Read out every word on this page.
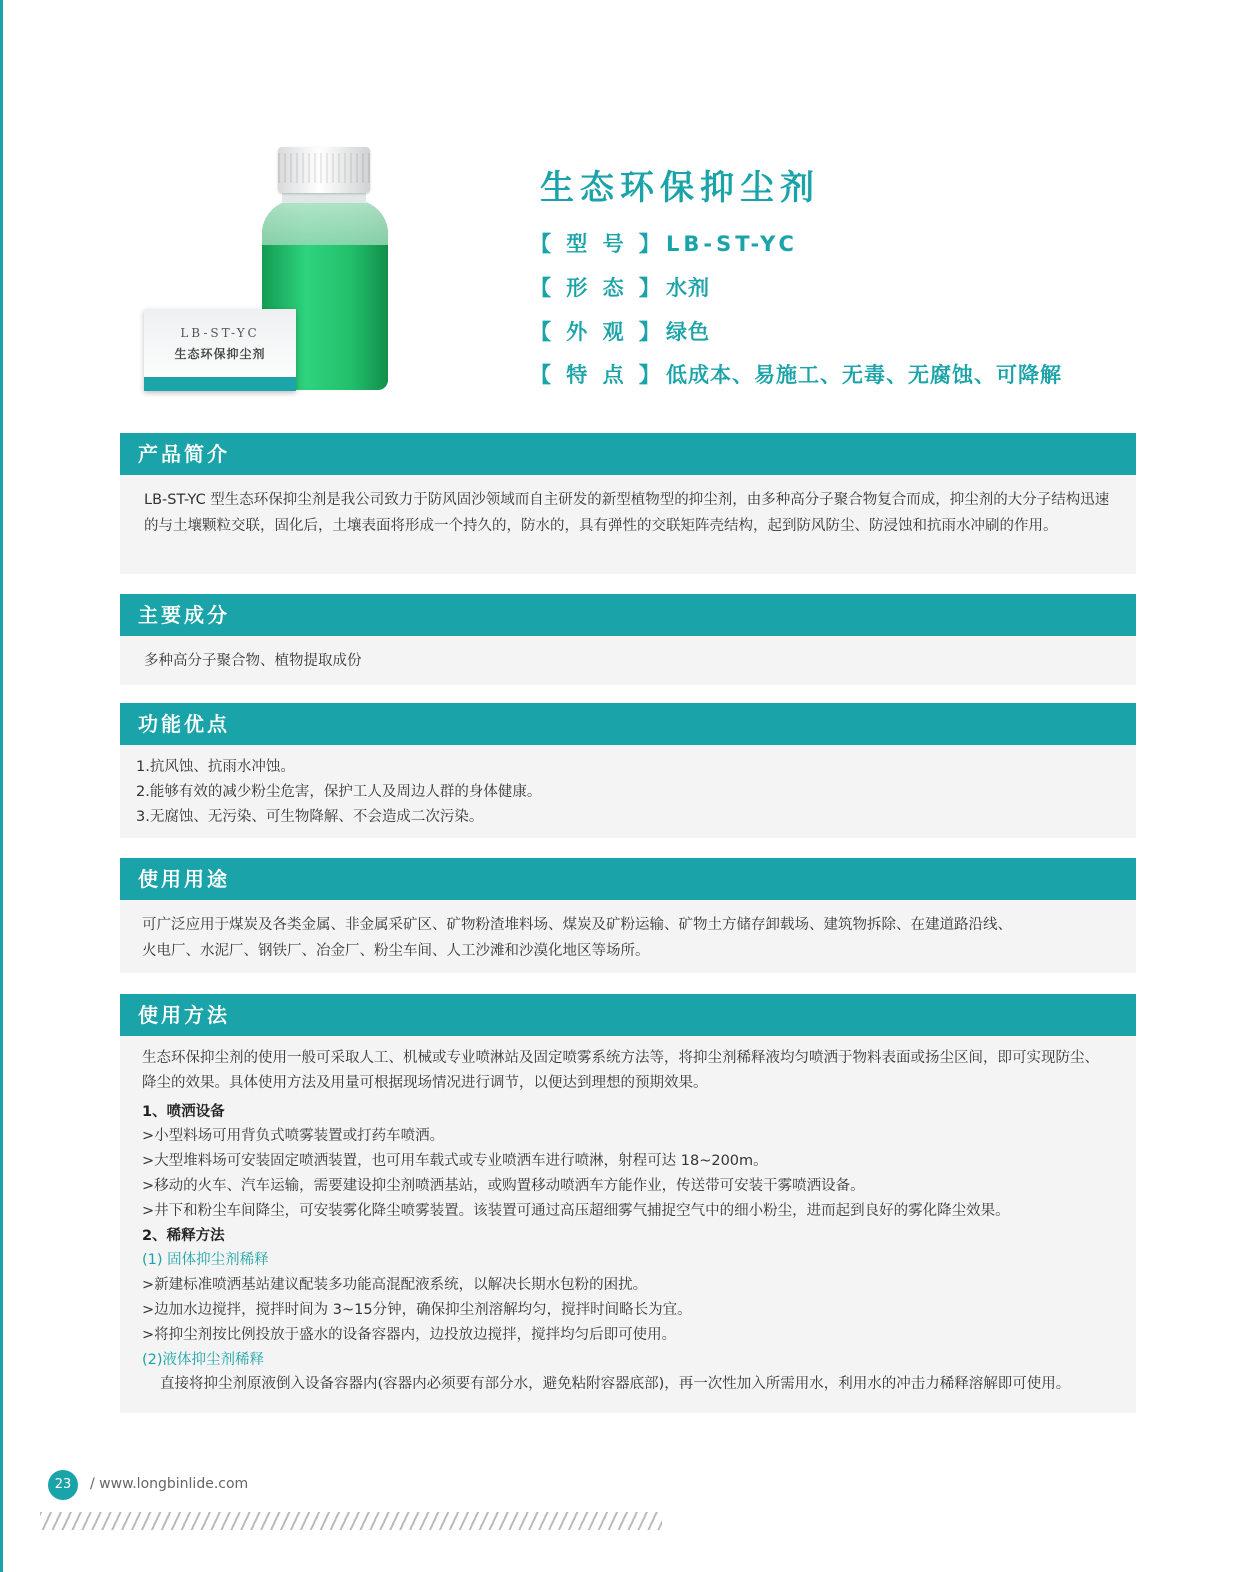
LB-ST-YC
生态环保抑尘剂
生态环保抑尘剂
【 型 号 】LB-ST-YC
【 形 态 】水剂
【 外 观 】绿色
【 特 点 】低成本、易施工、无毒、无腐蚀、可降解
产品简介

LB-ST-YC 型生态环保抑尘剂是我公司致力于防风固沙领域而自主研发的新型植物型的抑尘剂，由多种高分子聚合物复合而成，抑尘剂的大分子结构迅速的与土壤颗粒交联，固化后，土壤表面将形成一个持久的，防水的，具有弹性的交联矩阵壳结构，起到防风防尘、防浸蚀和抗雨水冲刷的作用。

主要成分

多种高分子聚合物、植物提取成份

功能优点

1.抗风蚀、抗雨水冲蚀。

2.能够有效的减少粉尘危害，保护工人及周边人群的身体健康。

3.无腐蚀、无污染、可生物降解、不会造成二次污染。

使用用途

可广泛应用于煤炭及各类金属、非金属采矿区、矿物粉渣堆料场、煤炭及矿粉运输、矿物土方储存卸载场、建筑物拆除、在建道路沿线、

火电厂、水泥厂、钢铁厂、冶金厂、粉尘车间、人工沙滩和沙漠化地区等场所。

使用方法

生态环保抑尘剂的使用一般可采取人工、机械或专业喷淋站及固定喷雾系统方法等，将抑尘剂稀释液均匀喷洒于物料表面或扬尘区间，即可实现防尘、降尘的效果。具体使用方法及用量可根据现场情况进行调节，以便达到理想的预期效果。

1、喷洒设备

>小型料场可用背负式喷雾装置或打药车喷洒。

>大型堆料场可安装固定喷洒装置，也可用车载式或专业喷洒车进行喷淋，射程可达 18~200m。

>移动的火车、汽车运输，需要建设抑尘剂喷洒基站，或购置移动喷洒车方能作业，传送带可安装干雾喷洒设备。

>井下和粉尘车间降尘，可安装雾化降尘喷雾装置。该装置可通过高压超细雾气捕捉空气中的细小粉尘，进而起到良好的雾化降尘效果。

2、稀释方法

(1) 固体抑尘剂稀释

>新建标准喷洒基站建议配装多功能高混配液系统，以解决长期水包粉的困扰。

>边加水边搅拌，搅拌时间为 3~15分钟，确保抑尘剂溶解均匀，搅拌时间略长为宜。

>将抑尘剂按比例投放于盛水的设备容器内，边投放边搅拌，搅拌均匀后即可使用。

(2)液体抑尘剂稀释

直接将抑尘剂原液倒入设备容器内(容器内必须要有部分水，避免粘附容器底部)，再一次性加入所需用水，利用水的冲击力稀释溶解即可使用。

23	/ www.longbinlide.com
